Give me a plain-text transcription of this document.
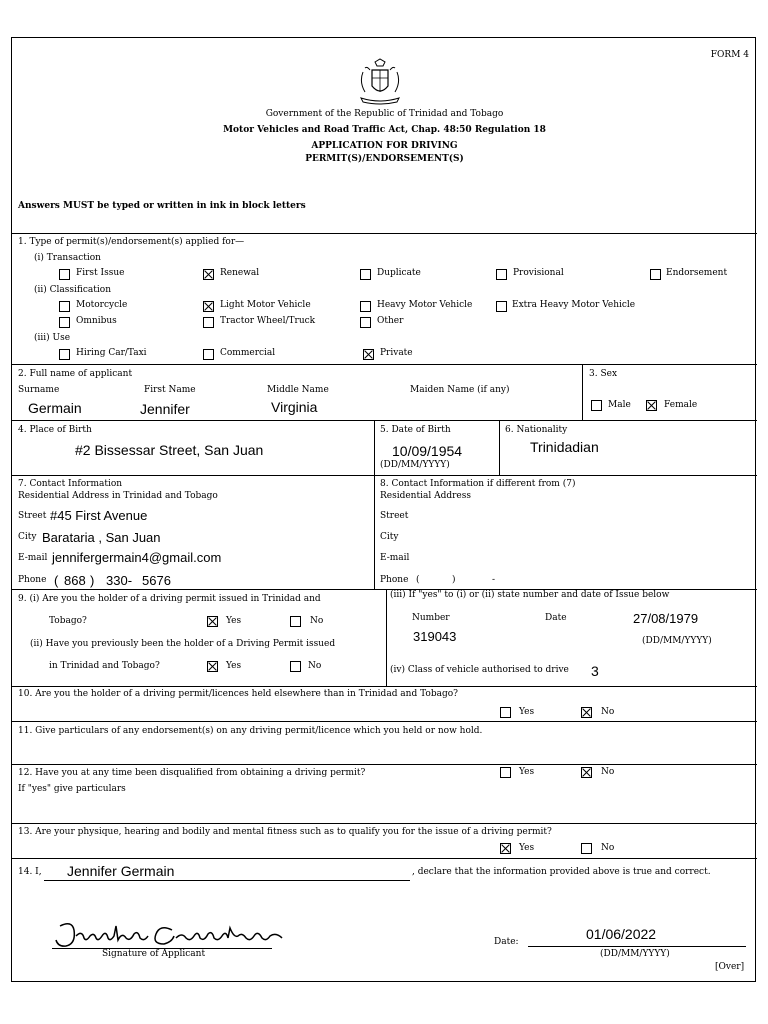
FORM 4
Government of the Republic of Trinidad and Tobago
Motor Vehicles and Road Traffic Act, Chap. 48:50 Regulation 18
APPLICATION FOR DRIVING
PERMIT(S)/ENDORSEMENT(S)
Answers MUST be typed or written in ink in block letters
1. Type of permit(s)/endorsement(s) applied for—
(i) Transaction
First Issue	Renewal	Duplicate	Provisional	Endorsement
(ii) Classification
Motorcycle	Light Motor Vehicle	Heavy Motor Vehicle	Extra Heavy Motor Vehicle
Omnibus	Tractor Wheel/Truck	Other
(iii) Use
Hiring Car/Taxi	Commercial	Private
2. Full name of applicant
Surname	First Name	Middle Name	Maiden Name (if any)
Germain	Jennifer	Virginia
3. Sex
Male	Female
4. Place of Birth
#2 Bissessar Street, San Juan
5. Date of Birth
10/09/1954
(DD/MM/YYYY)
6. Nationality
Trinidadian
7. Contact Information
Residential Address in Trinidad and Tobago
Street #45 First Avenue
City Barataria , San Juan
E-mail jennifergermain4@gmail.com
Phone ( 868 ) 330- 5676
8. Contact Information if different from (7)
Residential Address
Street
City
E-mail
Phone (	)	-
9. (i) Are you the holder of a driving permit issued in Trinidad and
Tobago?	Yes	No
(ii) Have you previously been the holder of a Driving Permit issued
in Trinidad and Tobago?	Yes	No
(iii) If "yes" to (i) or (ii) state number and date of Issue below
Number
319043
Date	27/08/1979
(DD/MM/YYYY)
(iv) Class of vehicle authorised to drive 3
10. Are you the holder of a driving permit/licences held elsewhere than in Trinidad and Tobago?
Yes	No
11. Give particulars of any endorsement(s) on any driving permit/licence which you held or now hold.
12. Have you at any time been disqualified from obtaining a driving permit?
If "yes" give particulars
Yes	No
13. Are your physique, hearing and bodily and mental fitness such as to qualify you for the issue of a driving permit?
Yes	No
14. I, Jennifer Germain	, declare that the information provided above is true and correct.
Signature of Applicant
Date:	01/06/2022
(DD/MM/YYYY)
[Over]
